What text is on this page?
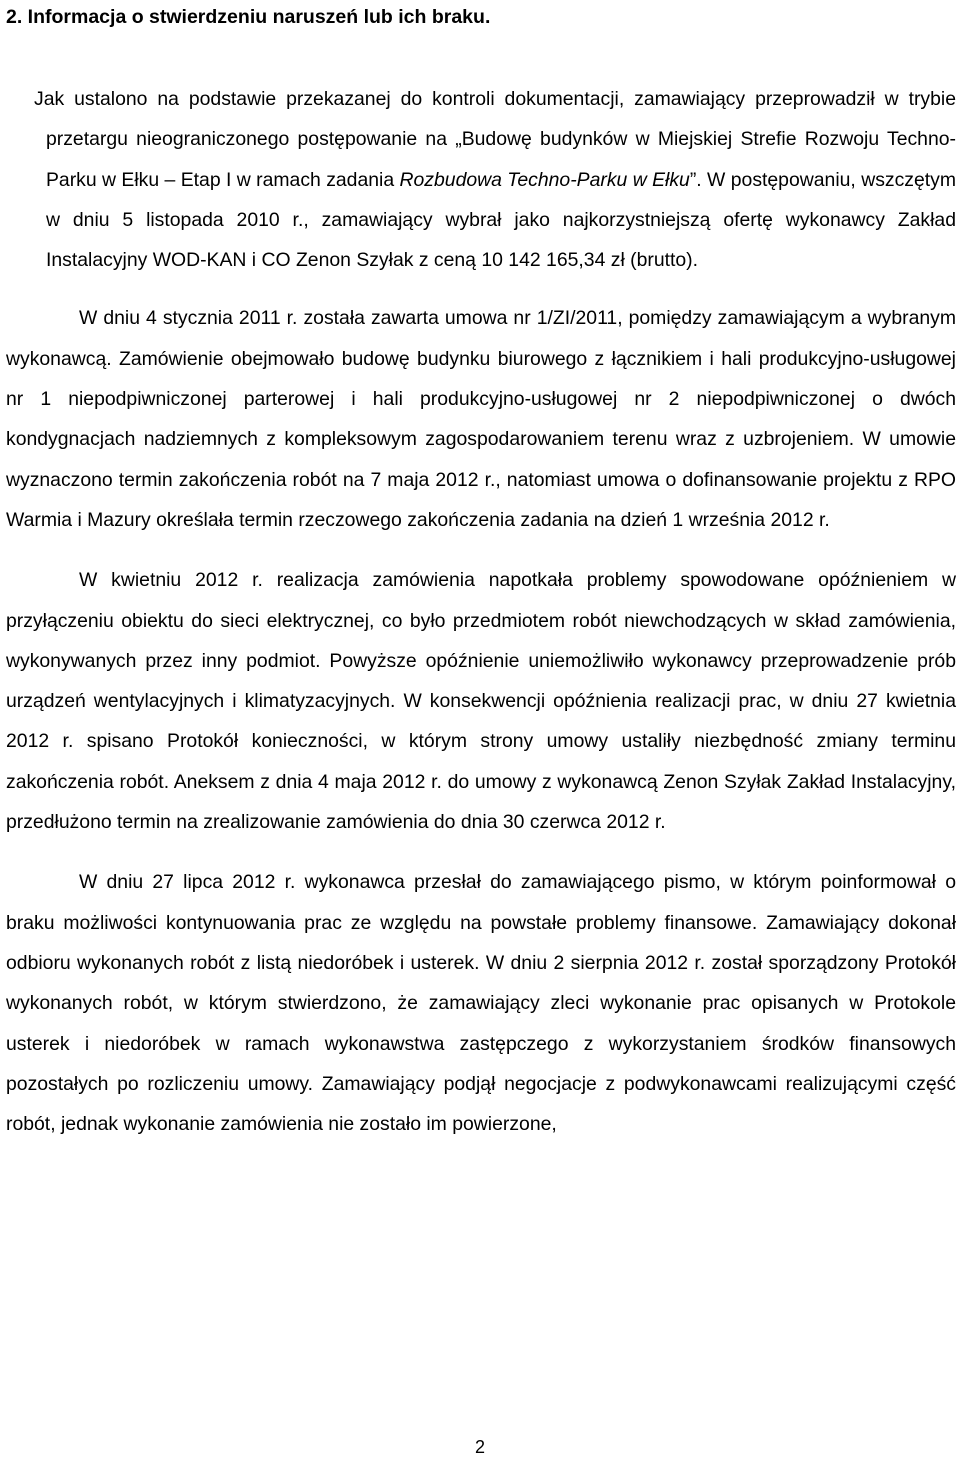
2. Informacja o stwierdzeniu naruszeń lub ich braku.

Jak ustalono na podstawie przekazanej do kontroli dokumentacji, zamawiający przeprowadził w trybie przetargu nieograniczonego postępowanie na „Budowę budynków w Miejskiej Strefie Rozwoju Techno-Parku w Ełku – Etap I w ramach zadania Rozbudowa Techno-Parku w Ełku”. W postępowaniu, wszczętym w dniu 5 listopada 2010 r., zamawiający wybrał jako najkorzystniejszą ofertę wykonawcy Zakład Instalacyjny WOD-KAN i CO Zenon Szyłak z ceną 10 142 165,34 zł (brutto).

W dniu 4 stycznia 2011 r. została zawarta umowa nr 1/ZI/2011, pomiędzy zamawiającym a wybranym wykonawcą. Zamówienie obejmowało budowę budynku biurowego z łącznikiem i hali produkcyjno-usługowej nr 1 niepodpiwniczonej parterowej i hali produkcyjno-usługowej nr 2 niepodpiwniczonej o dwóch kondygnacjach nadziemnych z kompleksowym zagospodarowaniem terenu wraz z uzbrojeniem. W umowie wyznaczono termin zakończenia robót na 7 maja 2012 r., natomiast umowa o dofinansowanie projektu z RPO Warmia i Mazury określała termin rzeczowego zakończenia zadania na dzień 1 września 2012 r.

W kwietniu 2012 r. realizacja zamówienia napotkała problemy spowodowane opóźnieniem w przyłączeniu obiektu do sieci elektrycznej, co było przedmiotem robót niewchodzących w skład zamówienia, wykonywanych przez inny podmiot. Powyższe opóźnienie uniemożliwiło wykonawcy przeprowadzenie prób urządzeń wentylacyjnych i klimatyzacyjnych. W konsekwencji opóźnienia realizacji prac, w dniu 27 kwietnia 2012 r. spisano Protokół konieczności, w którym strony umowy ustaliły niezbędność zmiany terminu zakończenia robót. Aneksem z dnia 4 maja 2012 r. do umowy z wykonawcą Zenon Szyłak Zakład Instalacyjny, przedłużono termin na zrealizowanie zamówienia do dnia 30 czerwca 2012 r.

W dniu 27 lipca 2012 r. wykonawca przesłał do zamawiającego pismo, w którym poinformował o braku możliwości kontynuowania prac ze względu na powstałe problemy finansowe. Zamawiający dokonał odbioru wykonanych robót z listą niedoróbek i usterek. W dniu 2 sierpnia 2012 r. został sporządzony Protokół wykonanych robót, w którym stwierdzono, że zamawiający zleci wykonanie prac opisanych w Protokole usterek i niedoróbek w ramach wykonawstwa zastępczego z wykorzystaniem środków finansowych pozostałych po rozliczeniu umowy. Zamawiający podjął negocjacje z podwykonawcami realizującymi część robót, jednak wykonanie zamówienia nie zostało im powierzone,

2
